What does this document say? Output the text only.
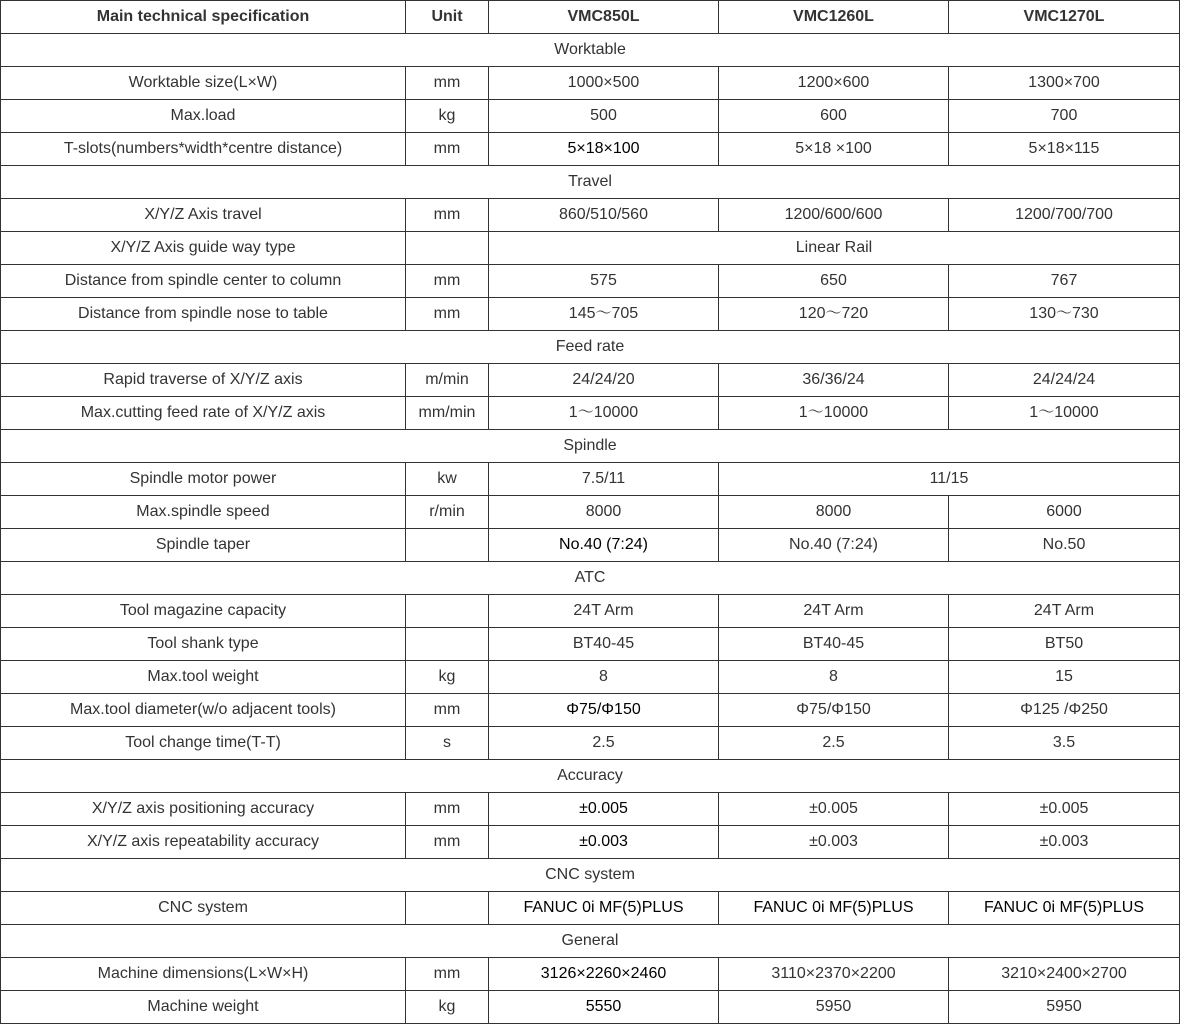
Main technical specification	Unit	VMC850L	VMC1260L	VMC1270L
Worktable				
Worktable size(L×W)	mm	1000×500	1200×600	1300×700
Max.load	kg	500	600	700
T-slots(numbers*width*centre distance)	mm	5×18×100	5×18 ×100	5×18×115
Travel				
X/Y/Z Axis travel	mm	860/510/560	1200/600/600	1200/700/700
X/Y/Z Axis guide way type		Linear Rail		
Distance from spindle center to column	mm	575	650	767
Distance from spindle nose to table	mm	145～705	120～720	130～730
Feed rate				
Rapid traverse of X/Y/Z axis	m/min	24/24/20	36/36/24	24/24/24
Max.cutting feed rate of X/Y/Z axis	mm/min	1～10000	1～10000	1～10000
Spindle				
Spindle motor power	kw	7.5/11	11/15	
Max.spindle speed	r/min	8000	8000	6000
Spindle taper		No.40 (7:24)	No.40 (7:24)	No.50
ATC				
Tool magazine capacity		24T Arm	24T Arm	24T Arm
Tool shank type		BT40-45	BT40-45	BT50
Max.tool weight	kg	8	8	15
Max.tool diameter(w/o adjacent tools)	mm	Φ75/Φ150	Φ75/Φ150	Φ125 /Φ250
Tool change time(T-T)	s	2.5	2.5	3.5
Accuracy				
X/Y/Z axis positioning accuracy	mm	±0.005	±0.005	±0.005
X/Y/Z axis repeatability accuracy	mm	±0.003	±0.003	±0.003
CNC system				
CNC system		FANUC 0i MF(5)PLUS	FANUC 0i MF(5)PLUS	FANUC 0i MF(5)PLUS
General				
Machine dimensions(L×W×H)	mm	3126×2260×2460	3110×2370×2200	3210×2400×2700
Machine weight	kg	5550	5950	5950
